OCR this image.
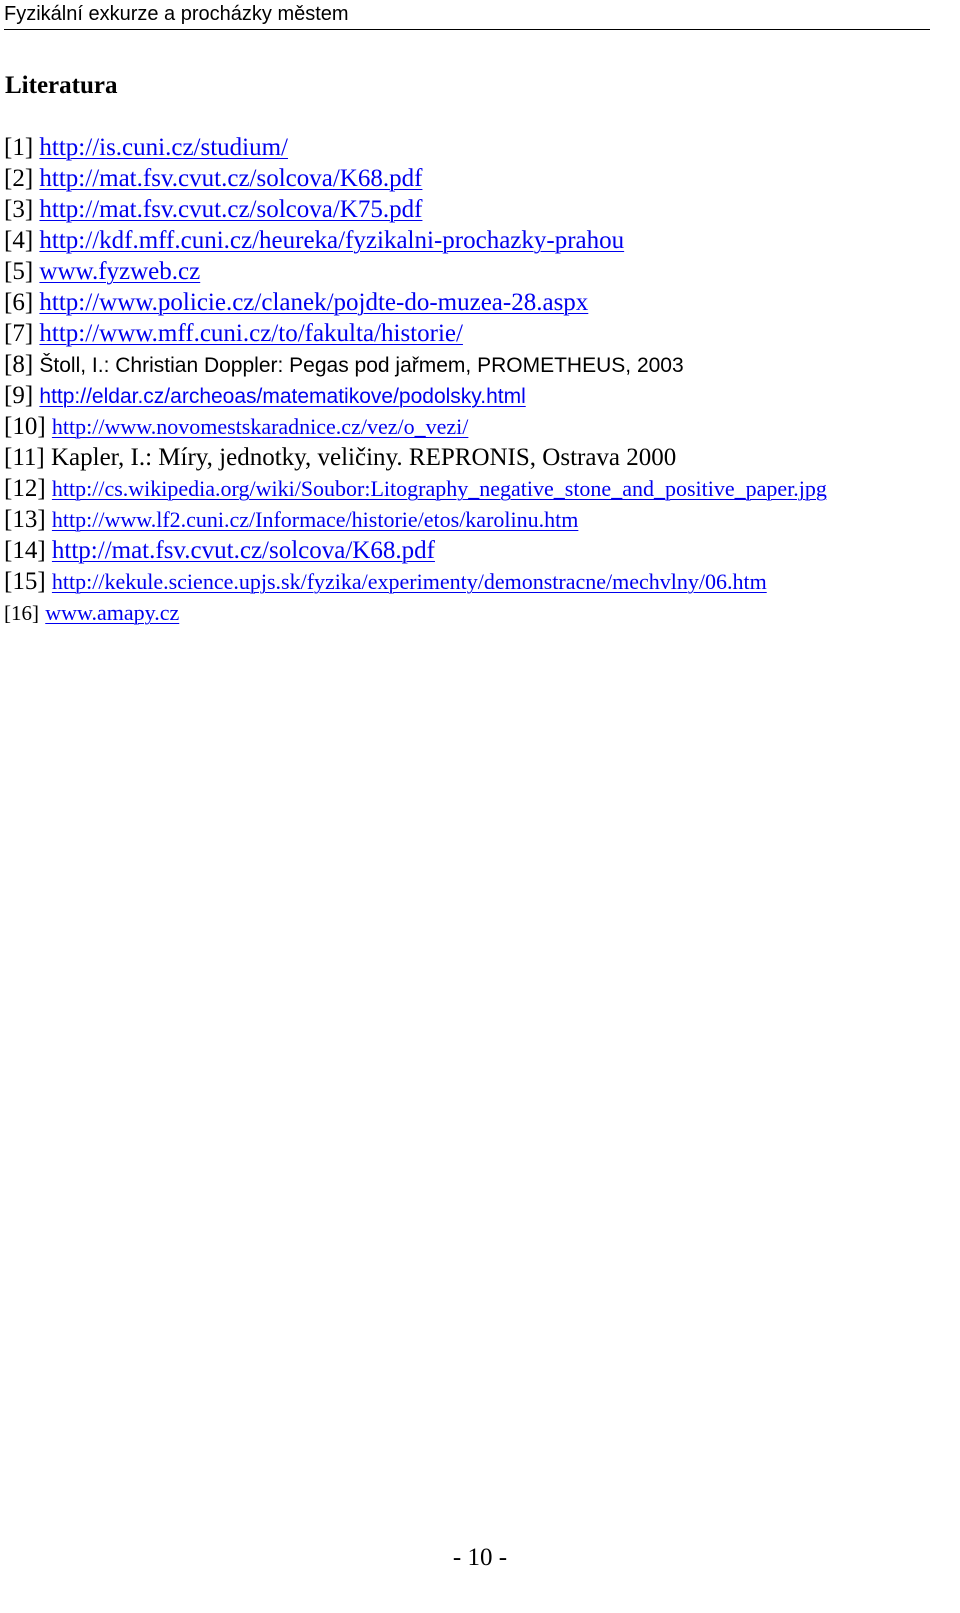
Fyzikální exkurze a procházky městem
Literatura
[1] http://is.cuni.cz/studium/
[2] http://mat.fsv.cvut.cz/solcova/K68.pdf
[3] http://mat.fsv.cvut.cz/solcova/K75.pdf
[4] http://kdf.mff.cuni.cz/heureka/fyzikalni-prochazky-prahou
[5] www.fyzweb.cz
[6] http://www.policie.cz/clanek/pojdte-do-muzea-28.aspx
[7] http://www.mff.cuni.cz/to/fakulta/historie/
[8] Štoll, I.: Christian Doppler: Pegas pod jařmem, PROMETHEUS, 2003
[9] http://eldar.cz/archeoas/matematikove/podolsky.html
[10] http://www.novomestskaradnice.cz/vez/o_vezi/
[11] Kapler, I.: Míry, jednotky, veličiny. REPRONIS, Ostrava 2000
[12] http://cs.wikipedia.org/wiki/Soubor:Litography_negative_stone_and_positive_paper.jpg
[13] http://www.lf2.cuni.cz/Informace/historie/etos/karolinu.htm
[14] http://mat.fsv.cvut.cz/solcova/K68.pdf
[15] http://kekule.science.upjs.sk/fyzika/experimenty/demonstracne/mechvlny/06.htm
[16] www.amapy.cz
- 10 -
